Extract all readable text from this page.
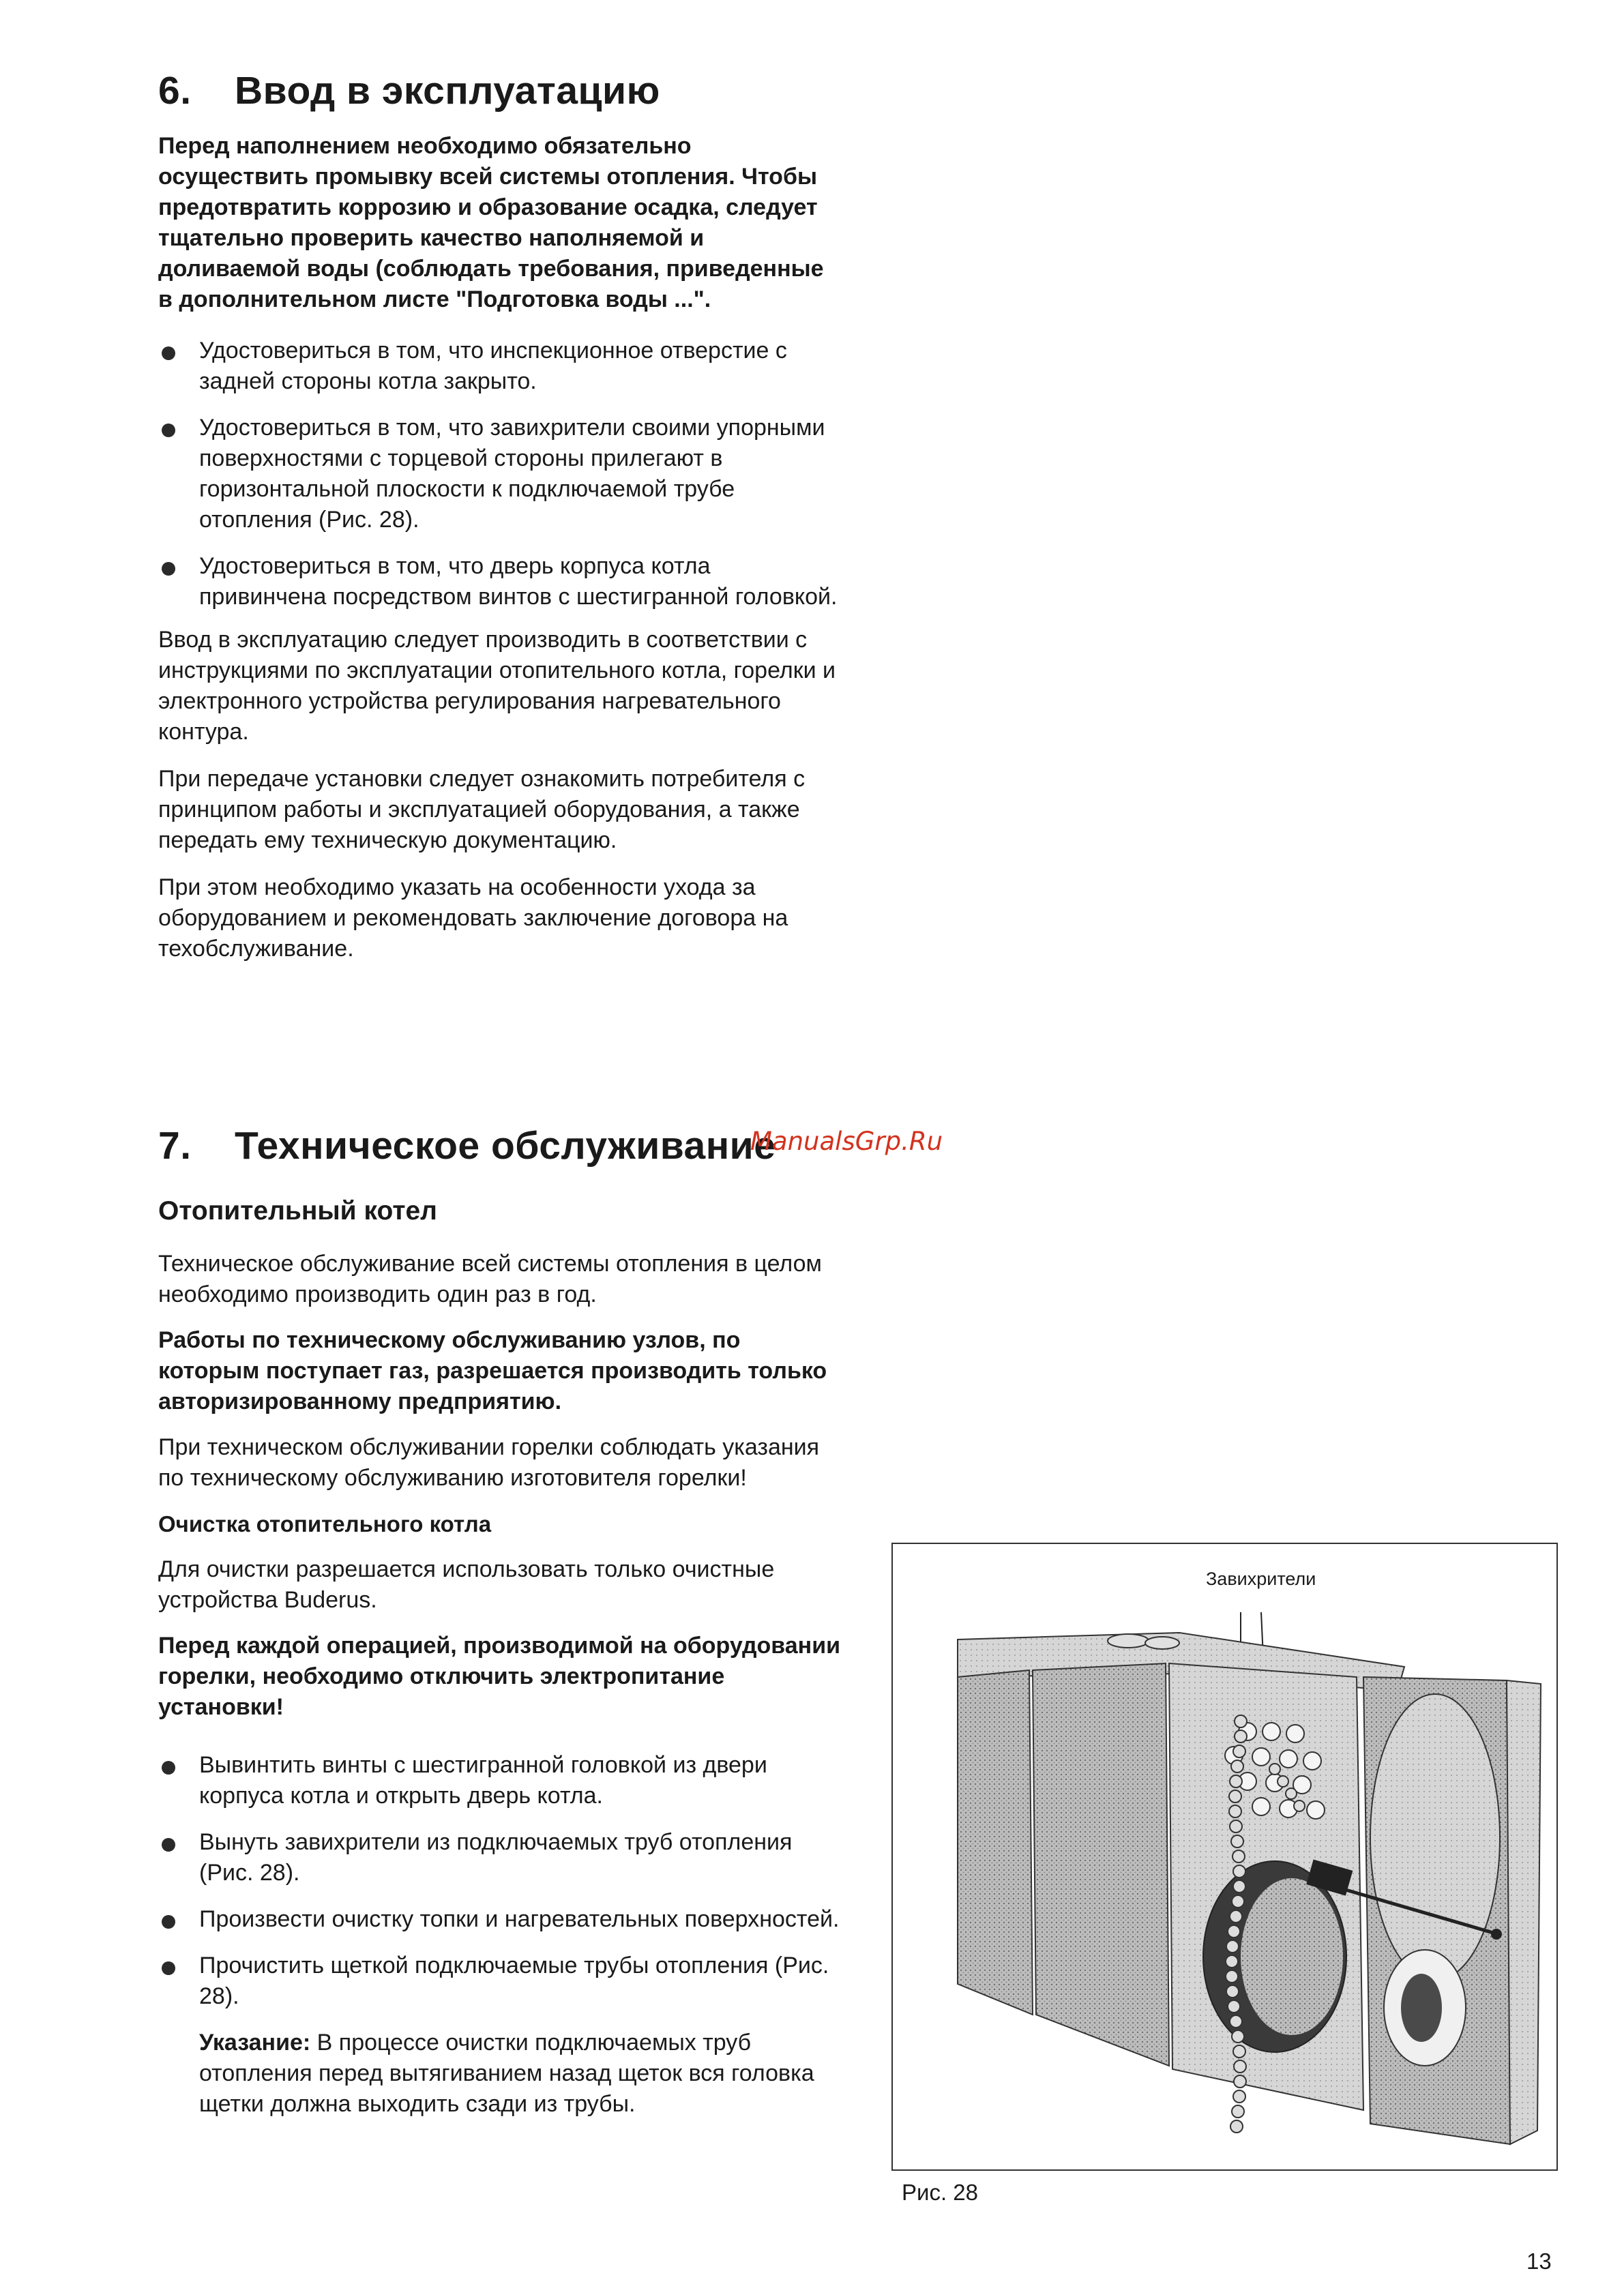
6. Ввод в эксплуатацию

Перед наполнением необходимо обязательно осуществить промывку всей системы отопления. Чтобы предотвратить коррозию и образование осадка, следует тщательно проверить качество наполняемой и доливаемой воды (соблюдать требования, приведенные в дополнительном листе "Подготовка воды ...".

Удостовериться в том, что инспекционное отверстие с задней стороны котла закрыто.

Удостовериться в том, что завихрители своими упорными поверхностями с торцевой стороны прилегают в горизонтальной плоскости к подключаемой трубе отопления (Рис. 28).

Удостовериться в том, что дверь корпуса котла привинчена посредством винтов с шестигранной головкой.

Ввод в эксплуатацию следует производить в соответствии с инструкциями по эксплуатации отопительного котла, горелки и электронного устройства регулирования нагревательного контура.

При передаче установки следует ознакомить потребителя с принципом работы и эксплуатацией оборудования, а также передать ему техническую документацию.

При этом необходимо указать на особенности ухода за оборудованием и рекомендовать заключение договора на техобслуживание.

7. Техническое обслуживание
ManualsGrp.Ru

Отопительный котел

Техническое обслуживание всей системы отопления в целом необходимо производить один раз в год.

Работы по техническому обслуживанию узлов, по которым поступает газ, разрешается производить только авторизированному предприятию.

При техническом обслуживании горелки соблюдать указания по техническому обслуживанию изготовителя горелки!

Очистка отопительного котла

Для очистки разрешается использовать только очистные устройства Buderus.

Перед каждой операцией, производимой на оборудовании горелки, необходимо отключить электропитание установки!

Вывинтить винты с шестигранной головкой из двери корпуса котла и открыть дверь котла.

Вынуть завихрители из подключаемых труб отопления (Рис. 28).

Произвести очистку топки и нагревательных поверхностей.

Прочистить щеткой подключаемые трубы отопления (Рис. 28).

Указание: В процессе очистки подключаемых труб отопления перед вытягиванием назад щеток вся головка щетки должна выходить сзади из трубы.

Завихрители
Рис. 28
13
